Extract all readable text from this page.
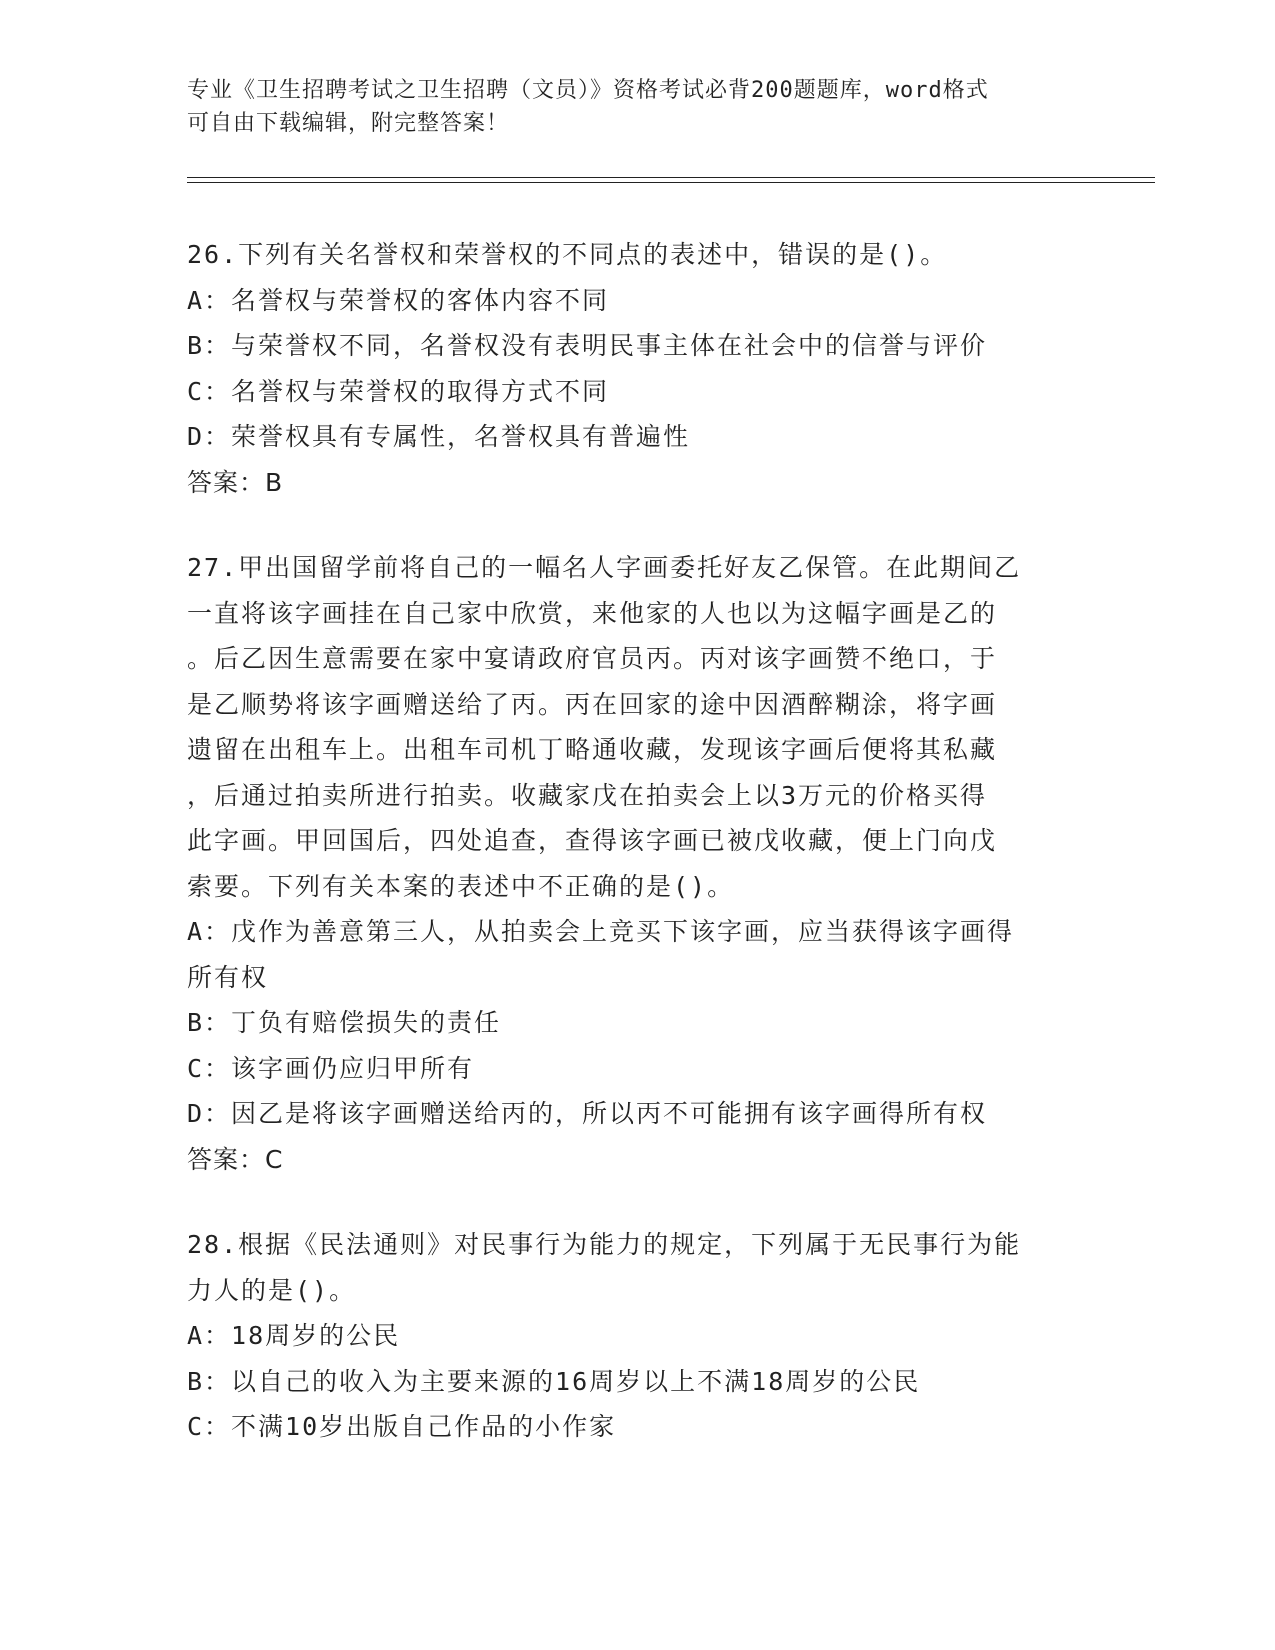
专业《卫生招聘考试之卫生招聘（文员）》资格考试必背200题题库，word格式
可自由下载编辑，附完整答案！
26.下列有关名誉权和荣誉权的不同点的表述中，错误的是()。
A：名誉权与荣誉权的客体内容不同
B：与荣誉权不同，名誉权没有表明民事主体在社会中的信誉与评价
C：名誉权与荣誉权的取得方式不同
D：荣誉权具有专属性，名誉权具有普遍性
答案：B
27.甲出国留学前将自己的一幅名人字画委托好友乙保管。在此期间乙
一直将该字画挂在自己家中欣赏，来他家的人也以为这幅字画是乙的
。后乙因生意需要在家中宴请政府官员丙。丙对该字画赞不绝口，于
是乙顺势将该字画赠送给了丙。丙在回家的途中因酒醉糊涂，将字画
遗留在出租车上。出租车司机丁略通收藏，发现该字画后便将其私藏
，后通过拍卖所进行拍卖。收藏家戊在拍卖会上以3万元的价格买得
此字画。甲回国后，四处追查，查得该字画已被戊收藏，便上门向戊
索要。下列有关本案的表述中不正确的是()。
A：戊作为善意第三人，从拍卖会上竞买下该字画，应当获得该字画得
所有权
B：丁负有赔偿损失的责任
C：该字画仍应归甲所有
D：因乙是将该字画赠送给丙的，所以丙不可能拥有该字画得所有权
答案：C
28.根据《民法通则》对民事行为能力的规定，下列属于无民事行为能
力人的是()。
A：18周岁的公民
B：以自己的收入为主要来源的16周岁以上不满18周岁的公民
C：不满10岁出版自己作品的小作家
